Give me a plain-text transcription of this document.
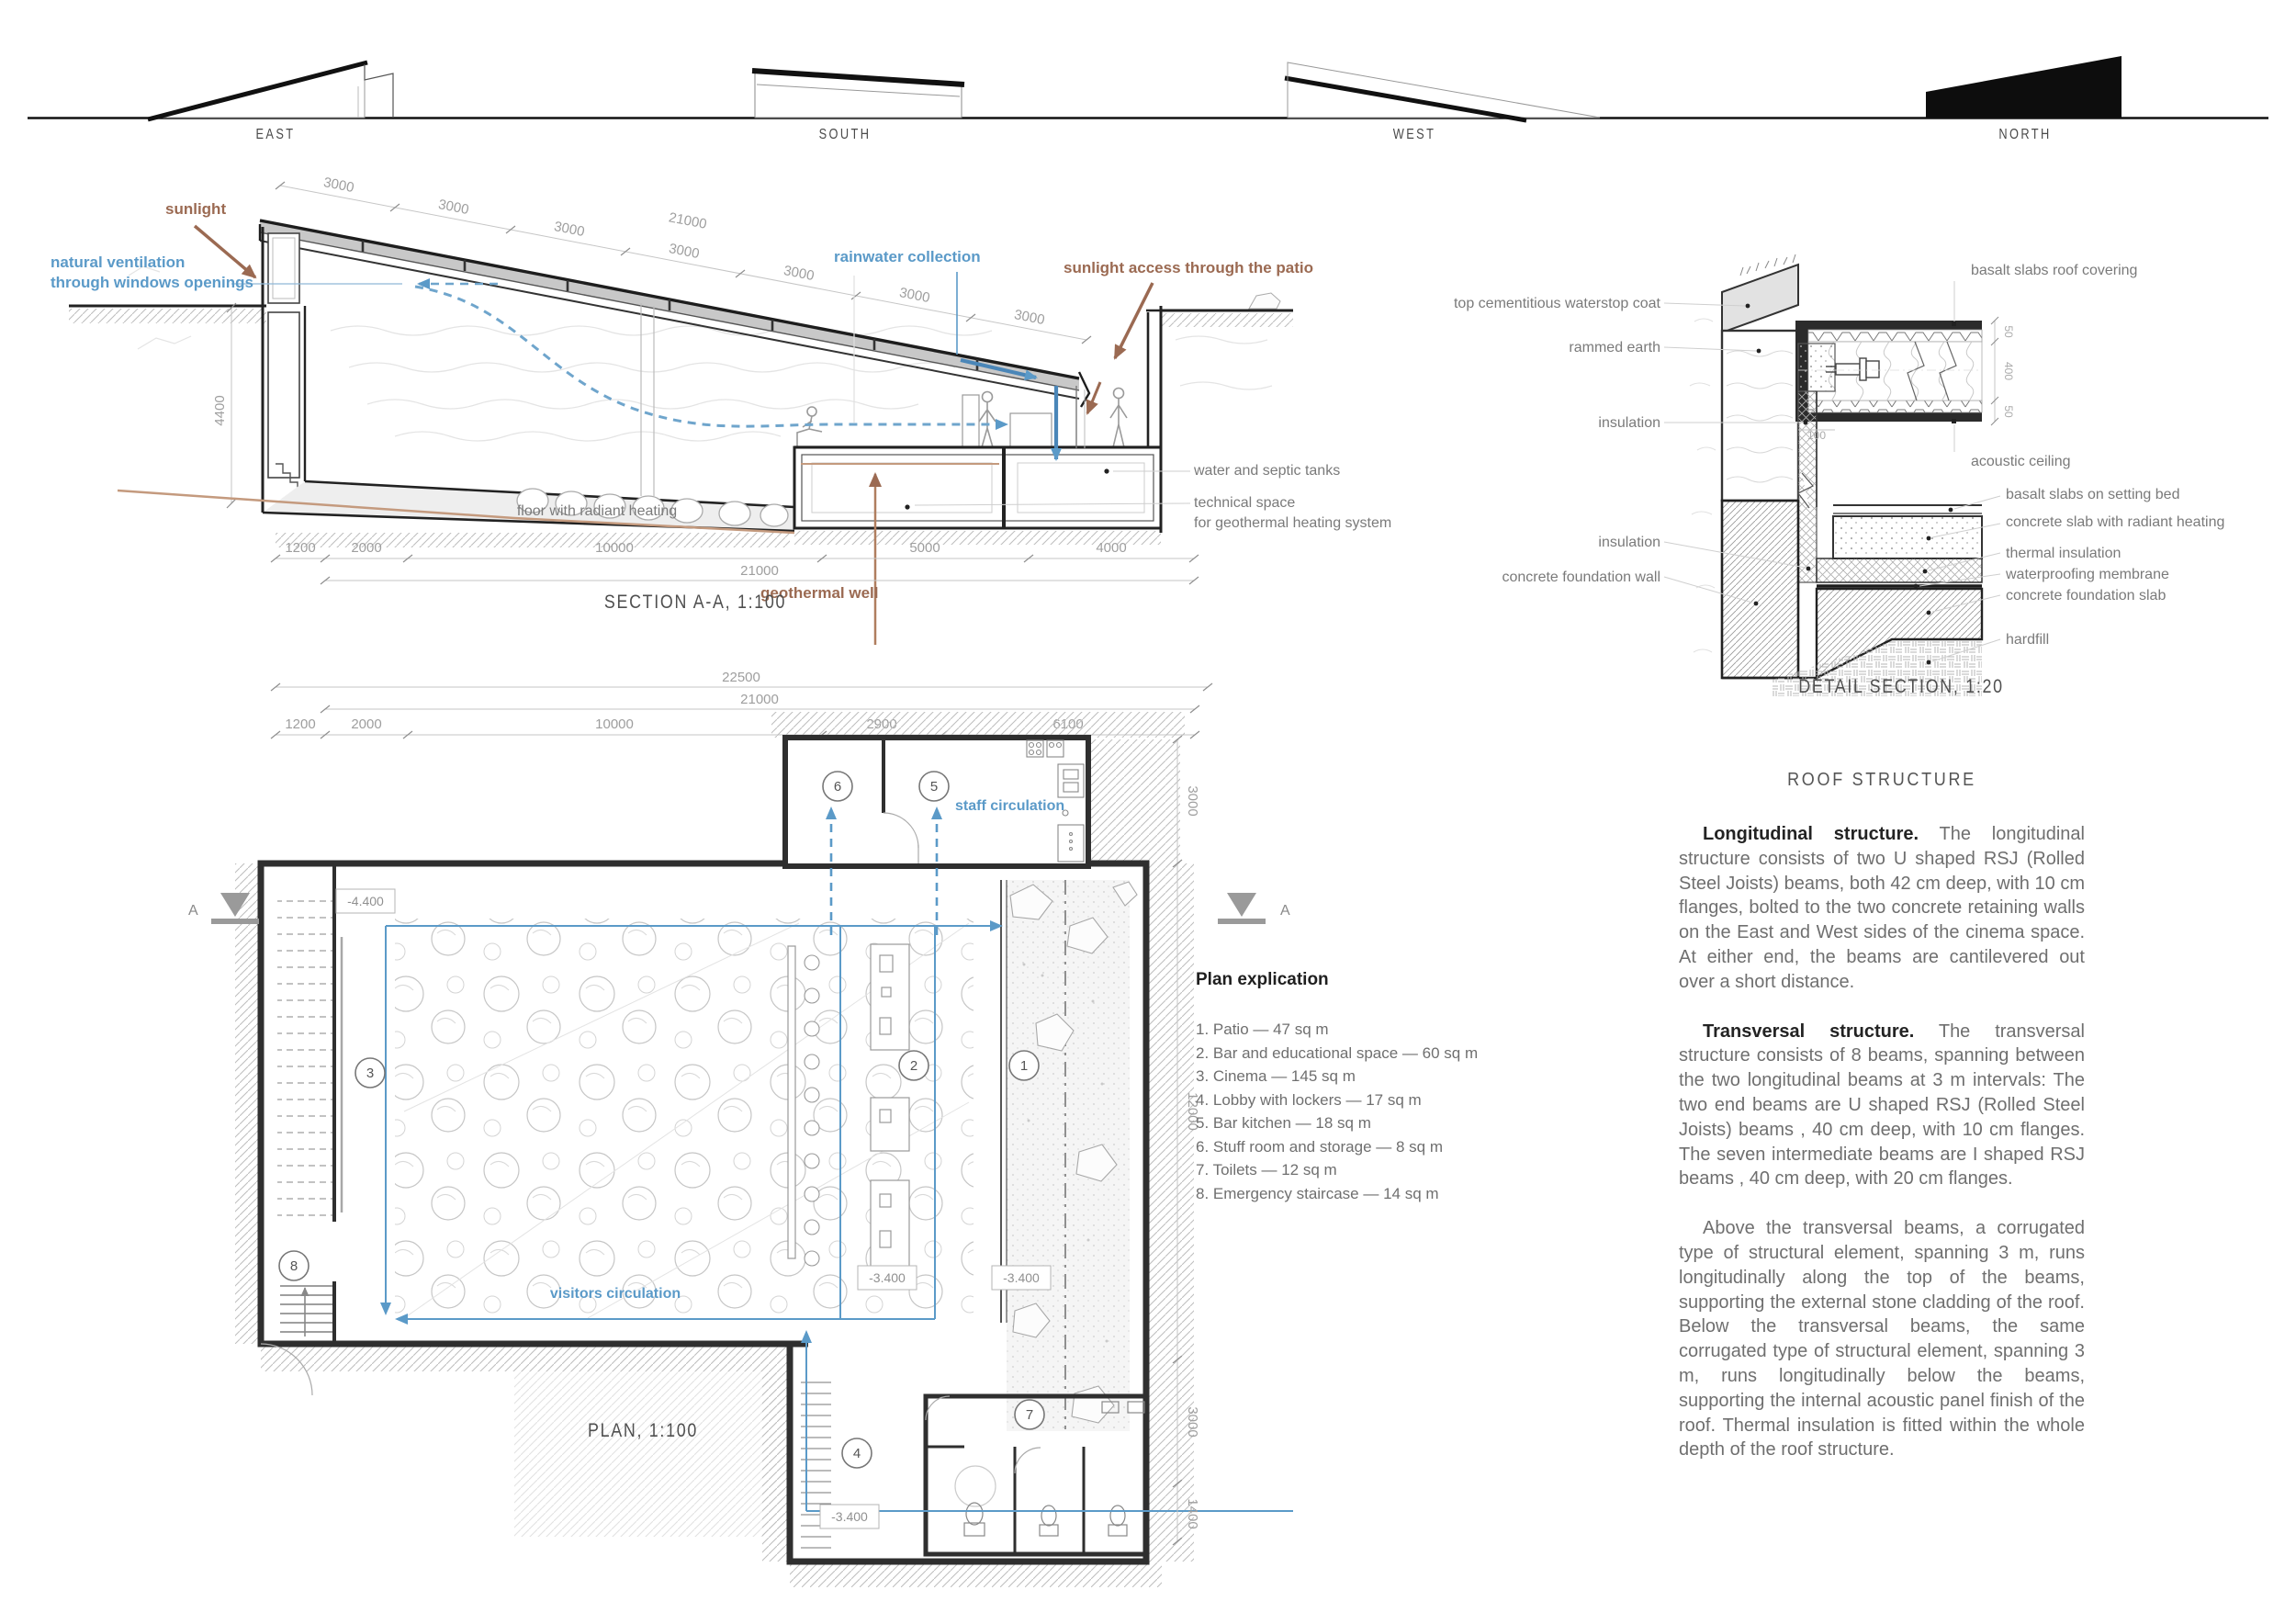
EAST	SOUTH	WEST	NORTH
3000
3000
3000
3000
3000
3000
3000
21000
4400
1200	2000	10000	5000	4000
21000
sunlight
natural ventilation
through windows openings
rainwater collection
sunlight access through the patio
water and septic tanks
technical space
for geothermal heating system
floor with radiant heating
geothermal well
SECTION A-A, 1:100
50
400
50
100
top cementitious waterstop coat
rammed earth
insulation
insulation
concrete foundation wall
basalt slabs roof covering
acoustic ceiling
basalt slabs on setting bed
concrete slab with radiant heating
thermal insulation
waterproofing membrane
concrete foundation slab
hardfill
DETAIL SECTION, 1:20
22500
21000
1200	2000	10000
-4.400
-3.400	-3.400
-3.400
1
2
3
4
5
6
7
8
A	A
3000
12000
3000
1400
staff circulation
visitors circulation
PLAN, 1:100
Plan explication
1. Patio — 47 sq m
2. Bar and educational space — 60 sq m
3. Cinema — 145 sq m
4. Lobby with lockers — 17 sq m
5. Bar kitchen — 18 sq m
6. Stuff room and storage — 8 sq m
7. Toilets — 12 sq m
8. Emergency staircase — 14 sq m
ROOF STRUCTURE

Longitudinal structure. The longitudinal structure consists of two U shaped RSJ (Rolled Steel Joists) beams, both 42 cm deep, with 10 cm flanges, bolted to the two concrete retaining walls on the East and West sides of the cinema space. At either end, the beams are cantilevered out over a short distance.

Transversal structure. The transversal structure consists of 8 beams, spanning between the two longitudinal beams at 3 m intervals: The two end beams are U shaped RSJ (Rolled Steel Joists) beams , 40 cm deep, with 10 cm flanges. The seven intermediate beams are I shaped RSJ beams , 40 cm deep, with 20 cm flanges.

Above the transversal beams, a corrugated type of structural element, spanning 3 m, runs longitudinally along the top of the beams, supporting the external stone cladding of the roof. Below the transversal beams, the same corrugated type of structural element, spanning 3 m, runs longitudinally below the beams, supporting the internal acoustic panel finish of the roof. Thermal insulation is fitted within the whole depth of the roof structure.
